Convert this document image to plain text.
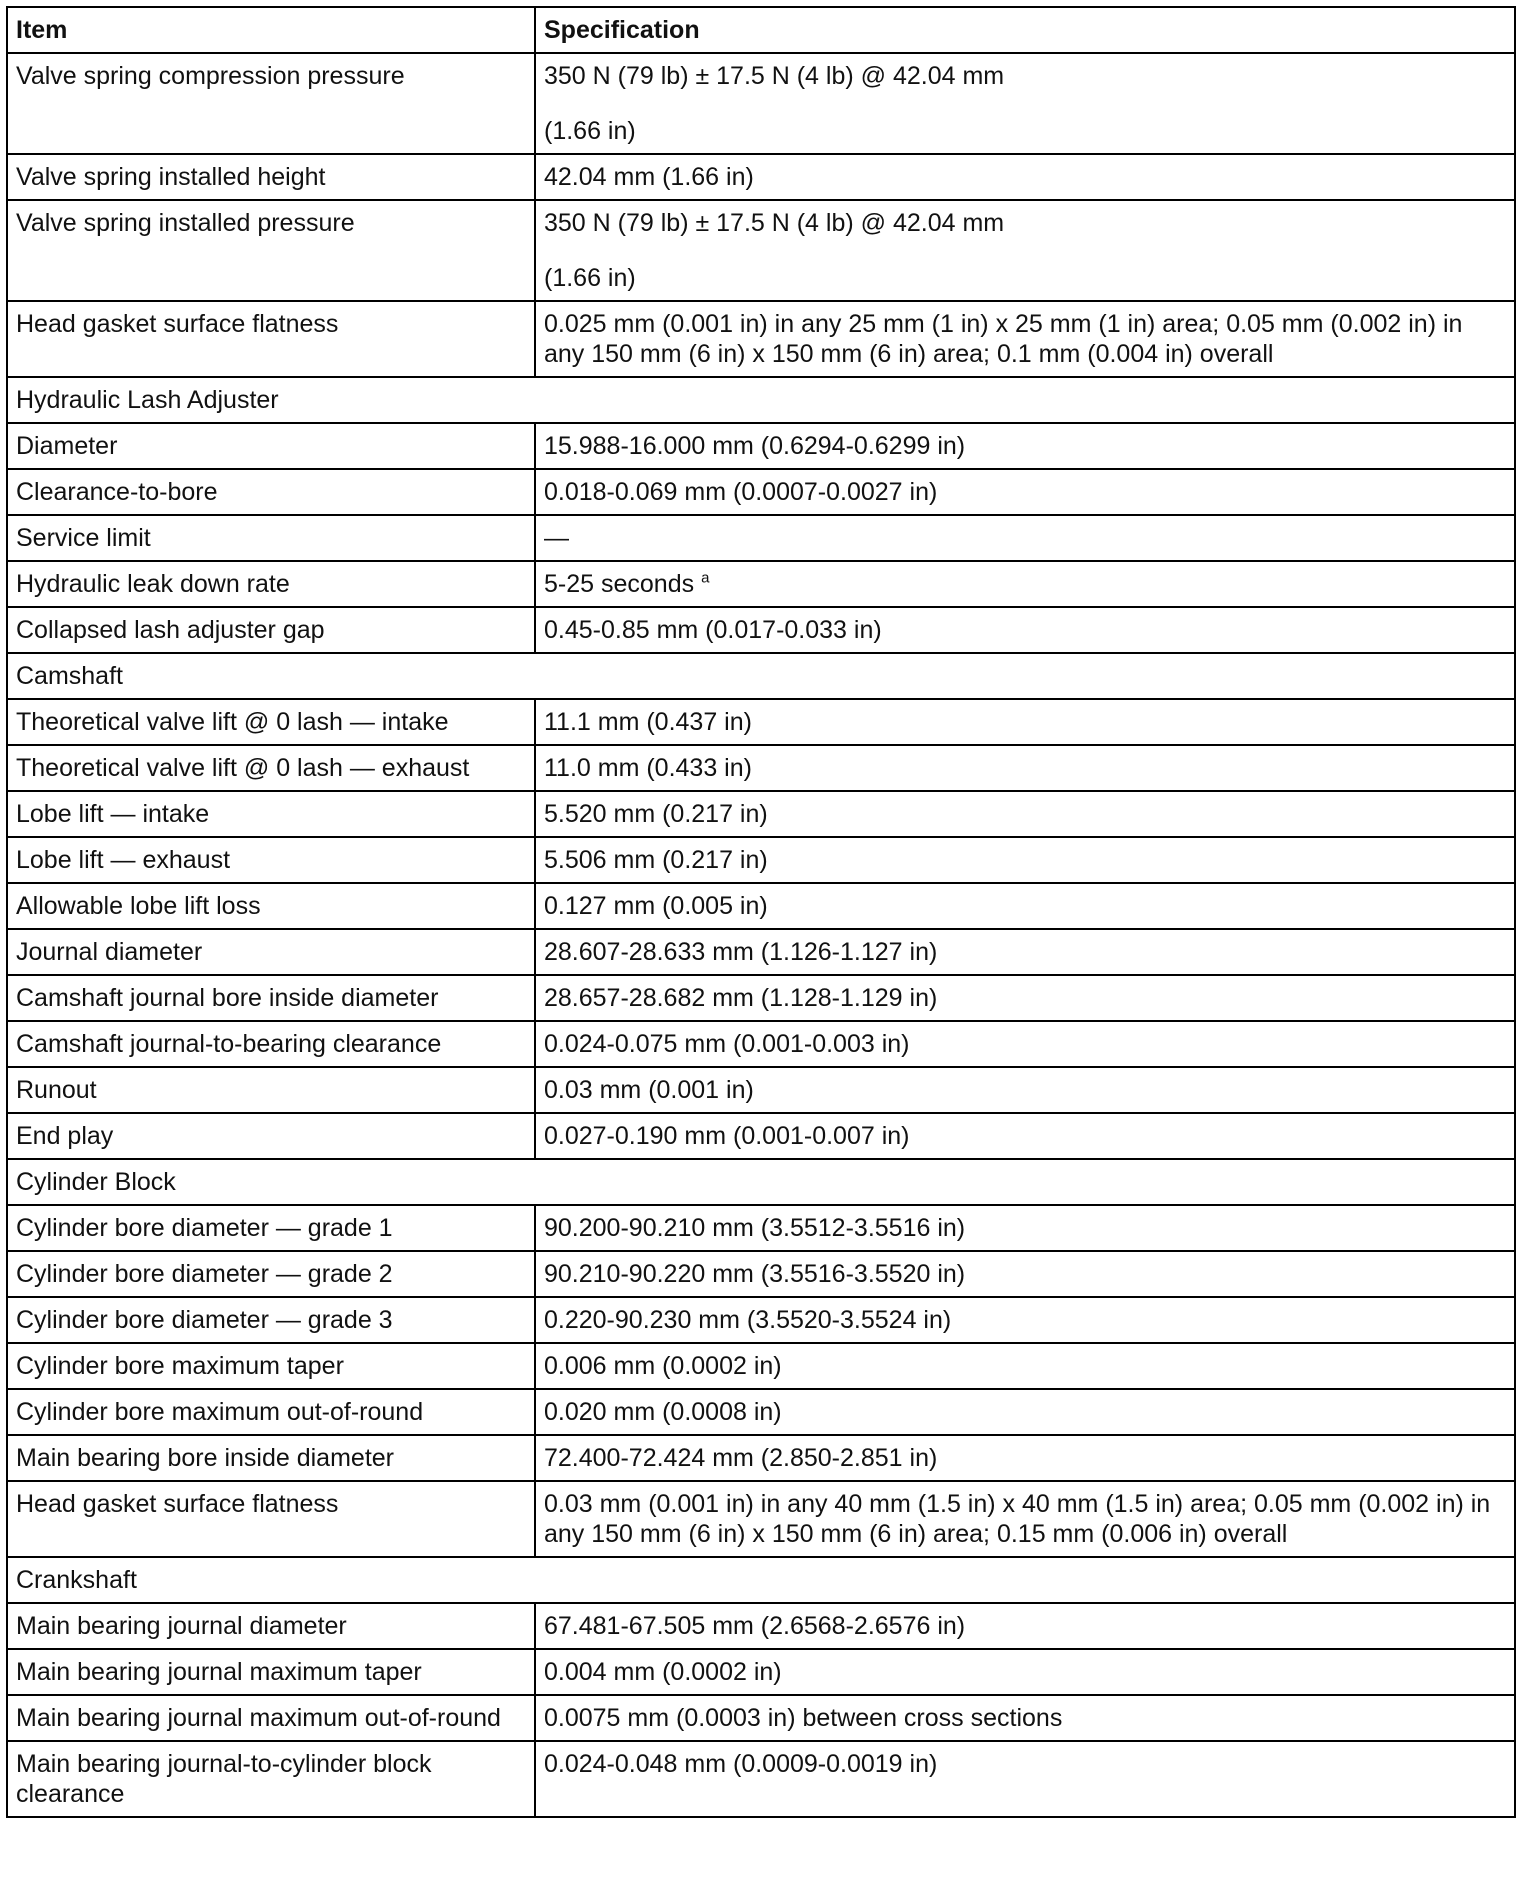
Item	Specification
Valve spring compression pressure	350 N (79 lb) ± 17.5 N (4 lb) @ 42.04 mm
(1.66 in)

Valve spring installed height	42.04 mm (1.66 in)
Valve spring installed pressure	350 N (79 lb) ± 17.5 N (4 lb) @ 42.04 mm
(1.66 in)

Head gasket surface flatness	0.025 mm (0.001 in) in any 25 mm (1 in) x 25 mm (1 in) area; 0.05 mm (0.002 in) in any 150 mm (6 in) x 150 mm (6 in) area; 0.1 mm (0.004 in) overall
Hydraulic Lash Adjuster	
Diameter	15.988-16.000 mm (0.6294-0.6299 in)
Clearance-to-bore	0.018-0.069 mm (0.0007-0.0027 in)
Service limit	—
Hydraulic leak down rate	5-25 seconds $^a$
Collapsed lash adjuster gap	0.45-0.85 mm (0.017-0.033 in)
Camshaft	
Theoretical valve lift @ 0 lash — intake	11.1 mm (0.437 in)
Theoretical valve lift @ 0 lash — exhaust	11.0 mm (0.433 in)
Lobe lift — intake	5.520 mm (0.217 in)
Lobe lift — exhaust	5.506 mm (0.217 in)
Allowable lobe lift loss	0.127 mm (0.005 in)
Journal diameter	28.607-28.633 mm (1.126-1.127 in)
Camshaft journal bore inside diameter	28.657-28.682 mm (1.128-1.129 in)
Camshaft journal-to-bearing clearance	0.024-0.075 mm (0.001-0.003 in)
Runout	0.03 mm (0.001 in)
End play	0.027-0.190 mm (0.001-0.007 in)
Cylinder Block	
Cylinder bore diameter — grade 1	90.200-90.210 mm (3.5512-3.5516 in)
Cylinder bore diameter — grade 2	90.210-90.220 mm (3.5516-3.5520 in)
Cylinder bore diameter — grade 3	0.220-90.230 mm (3.5520-3.5524 in)
Cylinder bore maximum taper	0.006 mm (0.0002 in)
Cylinder bore maximum out-of-round	0.020 mm (0.0008 in)
Main bearing bore inside diameter	72.400-72.424 mm (2.850-2.851 in)
Head gasket surface flatness	0.03 mm (0.001 in) in any 40 mm (1.5 in) x 40 mm (1.5 in) area; 0.05 mm (0.002 in) in any 150 mm (6 in) x 150 mm (6 in) area; 0.15 mm (0.006 in) overall
Crankshaft	
Main bearing journal diameter	67.481-67.505 mm (2.6568-2.6576 in)
Main bearing journal maximum taper	0.004 mm (0.0002 in)
Main bearing journal maximum out-of-round	0.0075 mm (0.0003 in) between cross sections
Main bearing journal-to-cylinder block clearance	0.024-0.048 mm (0.0009-0.0019 in)
